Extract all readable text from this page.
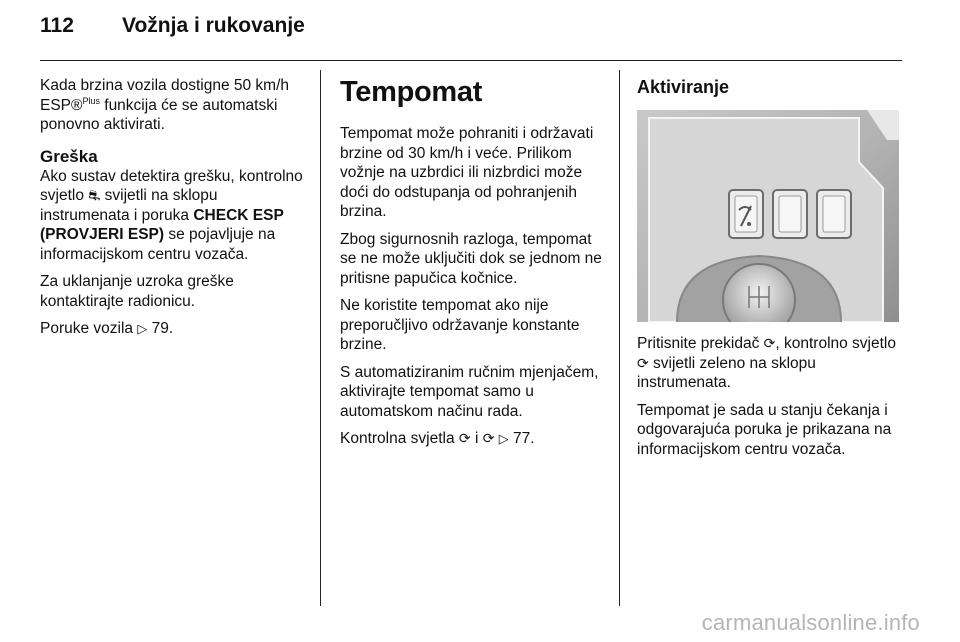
112 Vožnja i rukovanje

Kada brzina vozila dostigne 50 km/h ESP®$^{Plus}$ funkcija će se automatski ponovno aktivirati.

Greška

Ako sustav detektira grešku, kontrolno svjetlo ⛐ svijetli na sklopu instrumenata i poruka CHECK ESP (PROVJERI ESP) se pojavljuje na informacijskom centru vozača.

Za uklanjanje uzroka greške kontaktirajte radionicu.

Poruke vozila ▷ 79.

Tempomat

Tempomat može pohraniti i održavati brzine od 30 km/h i veće. Prilikom vožnje na uzbrdici ili nizbrdici može doći do odstupanja od pohranjenih brzina.

Zbog sigurnosnih razloga, tempomat se ne može uključiti dok se jednom ne pritisne papučica kočnice.

Ne koristite tempomat ako nije preporučljivo održavanje konstante brzine.

S automatiziranim ručnim mjenjačem, aktivirajte tempomat samo u automatskom načinu rada.

Kontrolna svjetla ⟳ i ⟳ ▷ 77.

Aktiviranje

Pritisnite prekidač ⟳, kontrolno svjetlo ⟳ svijetli zeleno na sklopu instrumenata.

Tempomat je sada u stanju čekanja i odgovarajuća poruka je prikazana na informacijskom centru vozača.

carmanualsonline.info
